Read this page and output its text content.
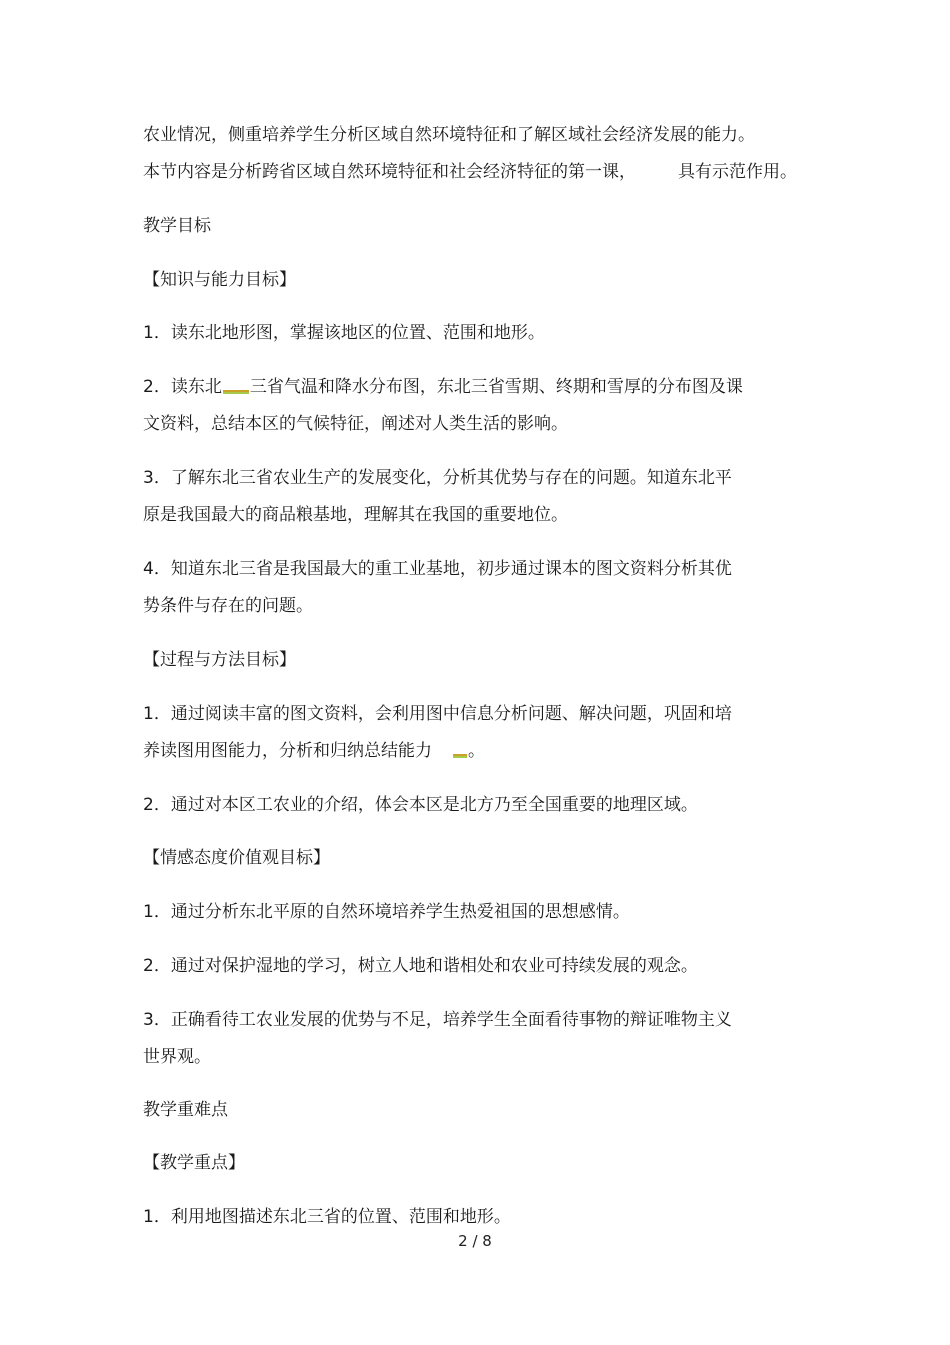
农业情况，侧重培养学生分析区域自然环境特征和了解区域社会经济发展的能力。
本节内容是分析跨省区域自然环境特征和社会经济特征的第一课， 具有示范作用。
教学目标
【知识与能力目标】
1．读东北地形图，掌握该地区的位置、范围和地形。
2．读东北 三省气温和降水分布图，东北三省雪期、终期和雪厚的分布图及课
文资料，总结本区的气候特征，阐述对人类生活的影响。
3．了解东北三省农业生产的发展变化，分析其优势与存在的问题。知道东北平
原是我国最大的商品粮基地，理解其在我国的重要地位。
4．知道东北三省是我国最大的重工业基地，初步通过课本的图文资料分析其优
势条件与存在的问题。
【过程与方法目标】
1．通过阅读丰富的图文资料，会利用图中信息分析问题、解决问题，巩固和培
养读图用图能力，分析和归纳总结能力 。
2．通过对本区工农业的介绍，体会本区是北方乃至全国重要的地理区域。
【情感态度价值观目标】
1．通过分析东北平原的自然环境培养学生热爱祖国的思想感情。
2．通过对保护湿地的学习，树立人地和谐相处和农业可持续发展的观念。
3．正确看待工农业发展的优势与不足，培养学生全面看待事物的辩证唯物主义
世界观。
教学重难点
【教学重点】
1．利用地图描述东北三省的位置、范围和地形。
2 / 8
